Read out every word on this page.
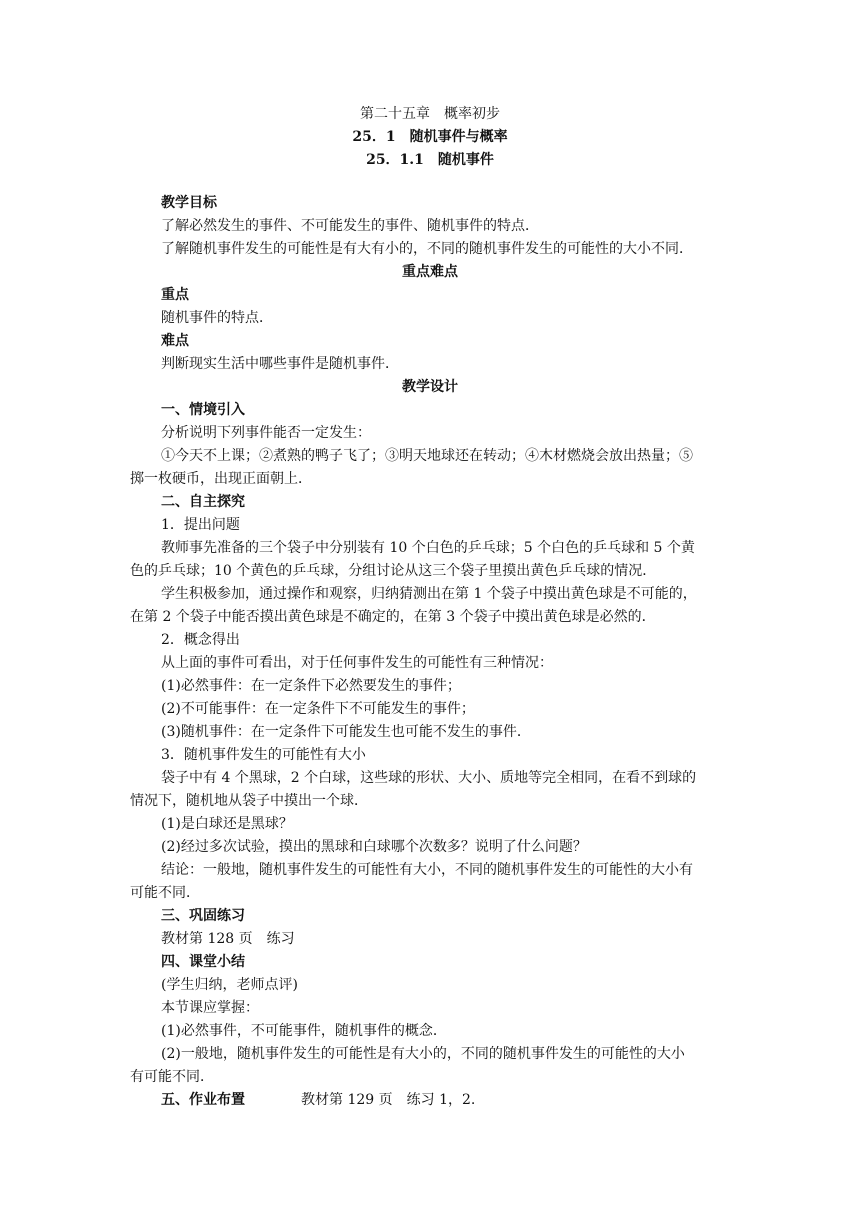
第二十五章　概率初步
25．1　随机事件与概率
25．1.1　随机事件
教学目标
了解必然发生的事件、不可能发生的事件、随机事件的特点．
了解随机事件发生的可能性是有大有小的，不同的随机事件发生的可能性的大小不同．
重点难点
重点
随机事件的特点．
难点
判断现实生活中哪些事件是随机事件．
教学设计
一、情境引入
分析说明下列事件能否一定发生：
①今天不上课；②煮熟的鸭子飞了；③明天地球还在转动；④木材燃烧会放出热量；⑤
掷一枚硬币，出现正面朝上．
二、自主探究
1．提出问题
教师事先准备的三个袋子中分别装有 10 个白色的乒乓球；5 个白色的乒乓球和 5 个黄
色的乒乓球；10 个黄色的乒乓球，分组讨论从这三个袋子里摸出黄色乒乓球的情况．
学生积极参加，通过操作和观察，归纳猜测出在第 1 个袋子中摸出黄色球是不可能的，
在第 2 个袋子中能否摸出黄色球是不确定的，在第 3 个袋子中摸出黄色球是必然的．
2．概念得出
从上面的事件可看出，对于任何事件发生的可能性有三种情况：
(1)必然事件：在一定条件下必然要发生的事件；
(2)不可能事件：在一定条件下不可能发生的事件；
(3)随机事件：在一定条件下可能发生也可能不发生的事件．
3．随机事件发生的可能性有大小
袋子中有 4 个黑球，2 个白球，这些球的形状、大小、质地等完全相同，在看不到球的
情况下，随机地从袋子中摸出一个球．
(1)是白球还是黑球？
(2)经过多次试验，摸出的黑球和白球哪个次数多？说明了什么问题？
结论：一般地，随机事件发生的可能性有大小，不同的随机事件发生的可能性的大小有
可能不同．
三、巩固练习
教材第 128 页　练习
四、课堂小结
(学生归纳，老师点评)
本节课应掌握：
(1)必然事件，不可能事件，随机事件的概念．
(2)一般地，随机事件发生的可能性是有大小的，不同的随机事件发生的可能性的大小
有可能不同．
五、作业布置	教材第 129 页　练习 1，2.
